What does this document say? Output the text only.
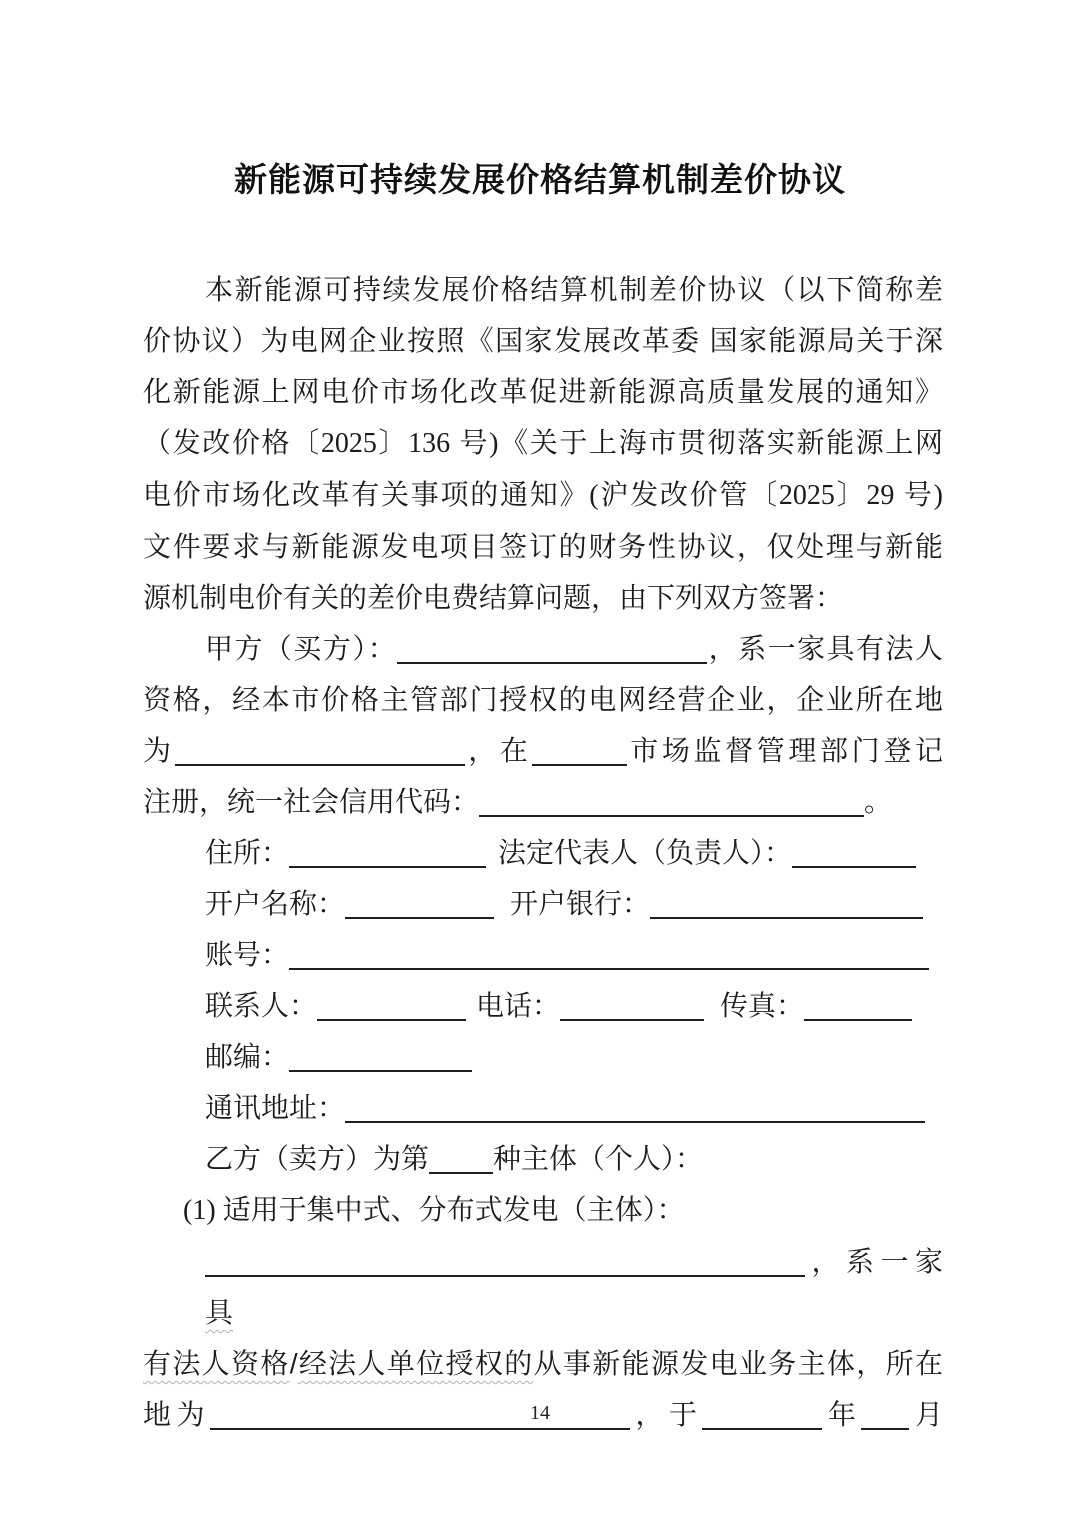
新能源可持续发展价格结算机制差价协议
本新能源可持续发展价格结算机制差价协议（以下简称差
价协议）为电网企业按照《国家发展改革委 国家能源局关于深
化新能源上网电价市场化改革促进新能源高质量发展的通知》
（发改价格〔2025〕136 号)《关于上海市贯彻落实新能源上网
电价市场化改革有关事项的通知》(沪发改价管〔2025〕29 号)
文件要求与新能源发电项目签订的财务性协议，仅处理与新能
源机制电价有关的差价电费结算问题，由下列双方签署：
甲方（买方）：	，系一家具有法人
资格，经本市价格主管部门授权的电网经营企业，企业所在地
为	，在	市场监督管理部门登记
注册，统一社会信用代码：	。
住所：	法定代表人（负责人）：
开户名称：	开户银行：
账号：
联系人：	电话：	传真：
邮编：
通讯地址：
乙方（卖方）为第 种主体（个人）：
(1) 适用于集中式、分布式发电（主体）：
，系一家具
有法人资格/经法人单位授权的从事新能源发电业务主体，所在
地为	，于	年 月
14
